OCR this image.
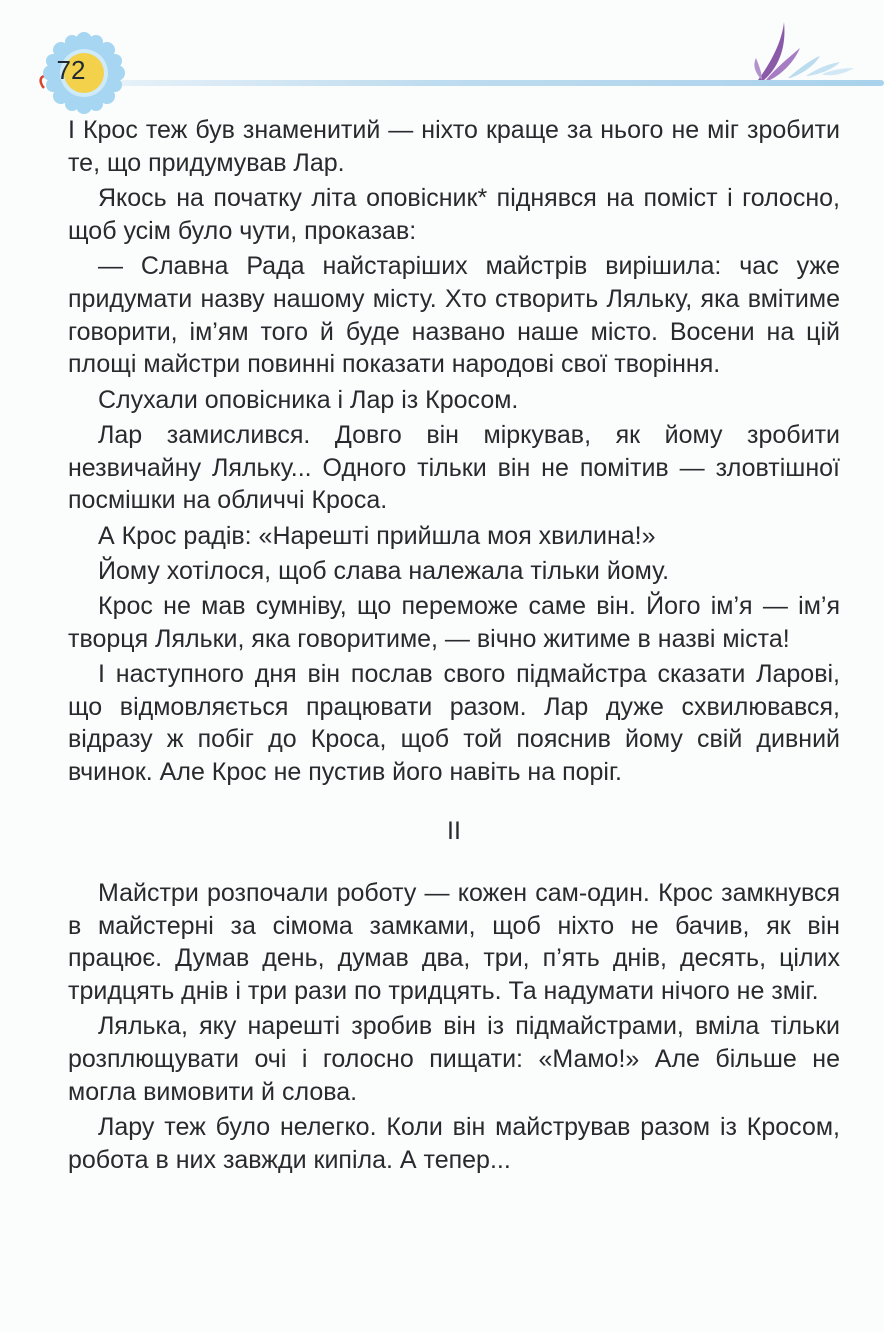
72

І Крос теж був знаменитий — ніхто краще за нього не міг зробити те, що придумував Лар.

Якось на початку літа оповісник* піднявся на поміст і голосно, щоб усім було чути, проказав:

— Славна Рада найстаріших майстрів вирішила: час уже придумати назву нашому місту. Хто створить Ляльку, яка вмітиме говорити, ім’ям того й буде названо наше місто. Восени на цій площі майстри повинні показати народові свої творіння.

Слухали оповісника і Лар із Кросом.

Лар замислився. Довго він міркував, як йому зробити незвичайну Ляльку... Одного тільки він не помітив — зловтішної посмішки на обличчі Кроса.

А Крос радів: «Нарешті прийшла моя хвилина!»

Йому хотілося, щоб слава належала тільки йому.

Крос не мав сумніву, що переможе саме він. Його ім’я — ім’я творця Ляльки, яка говоритиме, — вічно житиме в назві міста!

І наступного дня він послав свого підмайстра сказати Ларові, що відмовляється працювати разом. Лар дуже схвилювався, відразу ж побіг до Кроса, щоб той пояснив йому свій дивний вчинок. Але Крос не пустив його навіть на поріг.

II

Майстри розпочали роботу — кожен сам-один. Крос замкнувся в майстерні за сімома замками, щоб ніхто не бачив, як він працює. Думав день, думав два, три, п’ять днів, десять, цілих тридцять днів і три рази по тридцять. Та надумати нічого не зміг.

Лялька, яку нарешті зробив він із підмайстрами, вміла тільки розплющувати очі і голосно пищати: «Мамо!» Але більше не могла вимовити й слова.

Лару теж було нелегко. Коли він майстрував разом із Кросом, робота в них завжди кипіла. А тепер...
